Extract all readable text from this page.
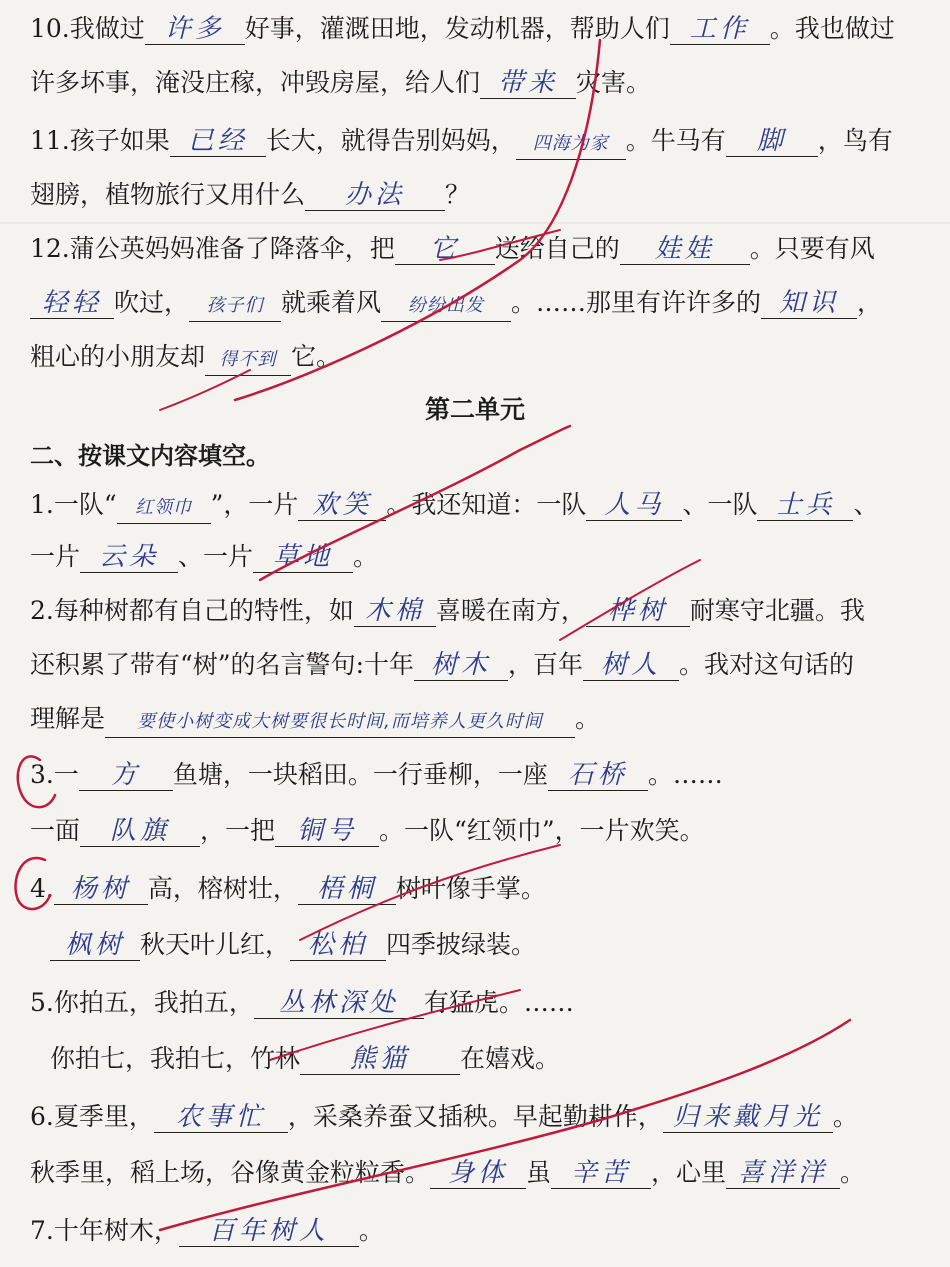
10.我做过 许多 好事，灌溉田地，发动机器，帮助人们 工作 。我也做过
许多坏事，淹没庄稼，冲毁房屋，给人们 带来 灾害。
11.孩子如果 已经 长大，就得告别妈妈， 四海为家 。牛马有 脚 ，鸟有
翅膀，植物旅行又用什么 办法 ？
12.蒲公英妈妈准备了降落伞，把 它 送给自己的 娃娃 。只要有风
轻轻 吹过， 孩子们 就乘着风 纷纷出发 。……那里有许许多的 知识 ，
粗心的小朋友却 得不到 它。
第二单元
二、按课文内容填空。
1.一队“ 红领巾 ”，一片 欢笑 。我还知道：一队 人马 、一队 士兵 、
一片 云朵 、一片 草地 。
2.每种树都有自己的特性，如 木棉 喜暖在南方， 桦树 耐寒守北疆。我
还积累了带有“树”的名言警句:十年 树木 ，百年 树人 。我对这句话的
理解是 要使小树变成大树要很长时间,而培养人更久时间 。
3.一 方 鱼塘，一块稻田。一行垂柳，一座 石桥 。……
一面 队旗 ，一把 铜号 。一队“红领巾”，一片欢笑。
4. 杨树 高，榕树壮， 梧桐 树叶像手掌。
枫树 秋天叶儿红， 松柏 四季披绿装。
5.你拍五，我拍五， 丛林深处 有猛虎。……
你拍七，我拍七，竹林 熊猫 在嬉戏。
6.夏季里， 农事忙 ，采桑养蚕又插秧。早起勤耕作， 归来戴月光 。
秋季里，稻上场，谷像黄金粒粒香。 身体 虽 辛苦 ，心里 喜洋洋 。
7.十年树木， 百年树人 。
